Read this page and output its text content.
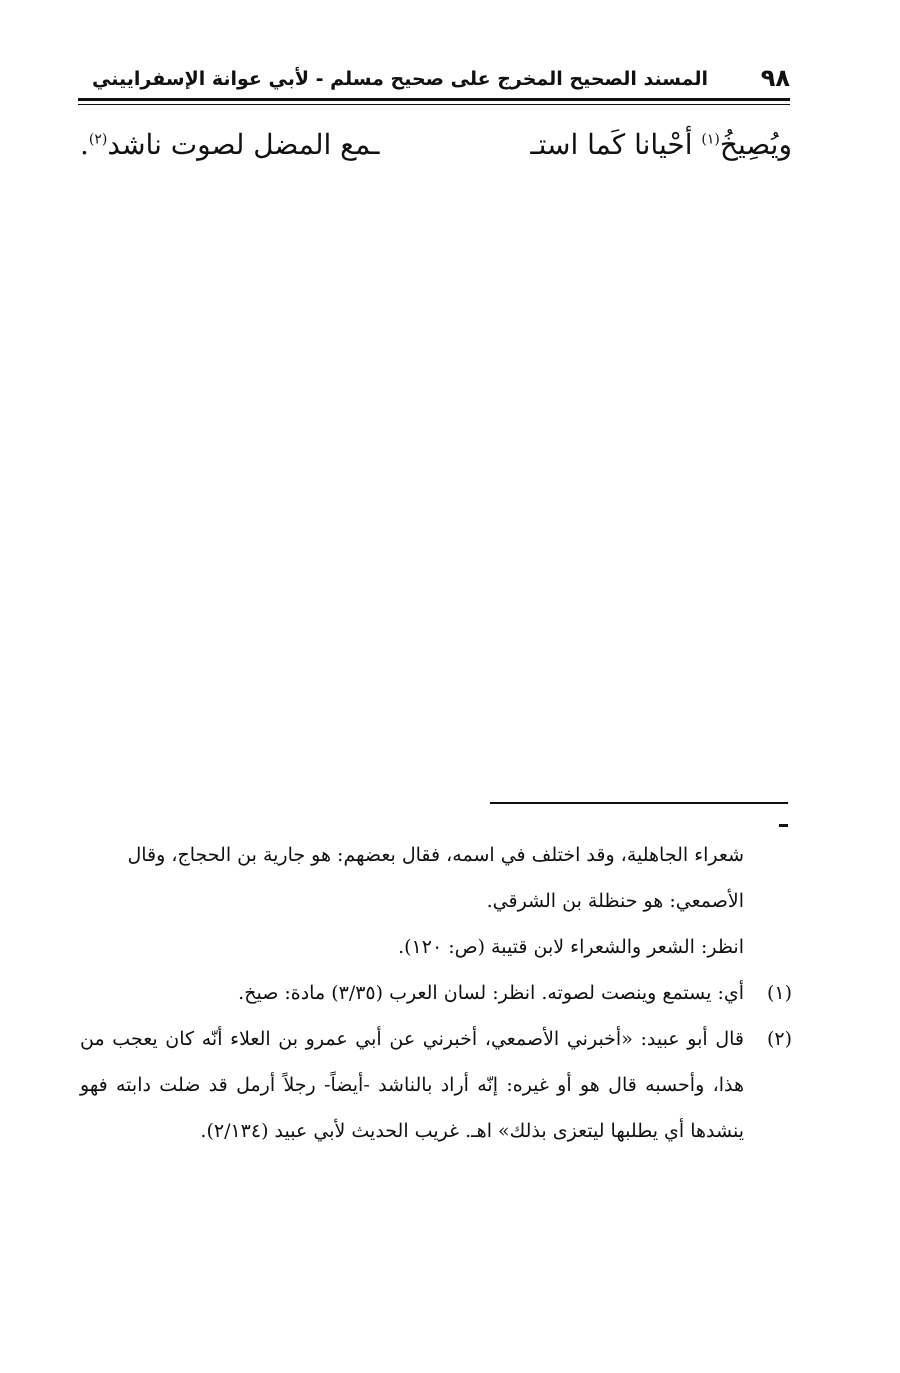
٩٨
المسند الصحيح المخرج على صحيح مسلم - لأبي عوانة الإسفراييني
ويُصِيخُ$^{(١)}$ أحْيانا كَما استـ
ـمع المضل لصوت ناشد$^{(٢)}$.
شعراء الجاهلية، وقد اختلف في اسمه، فقال بعضهم: هو جارية بن الحجاج، وقال
الأصمعي: هو حنظلة بن الشرقي.
انظر: الشعر والشعراء لابن قتيبة (ص: ١٢٠).
(١)
أي: يستمع وينصت لصوته. انظر: لسان العرب (٣/٣٥) مادة: صيخ.
(٢)
قال أبو عبيد: «أخبرني الأصمعي، أخبرني عن أبي عمرو بن العلاء أنّه كان يعجب من هذا، وأحسبه قال هو أو غيره: إنّه أراد بالناشد -أيضاً- رجلاً أرمل قد ضلت دابته فهو ينشدها أي يطلبها ليتعزى بذلك» اهـ. غريب الحديث لأبي عبيد (٢/١٣٤).
